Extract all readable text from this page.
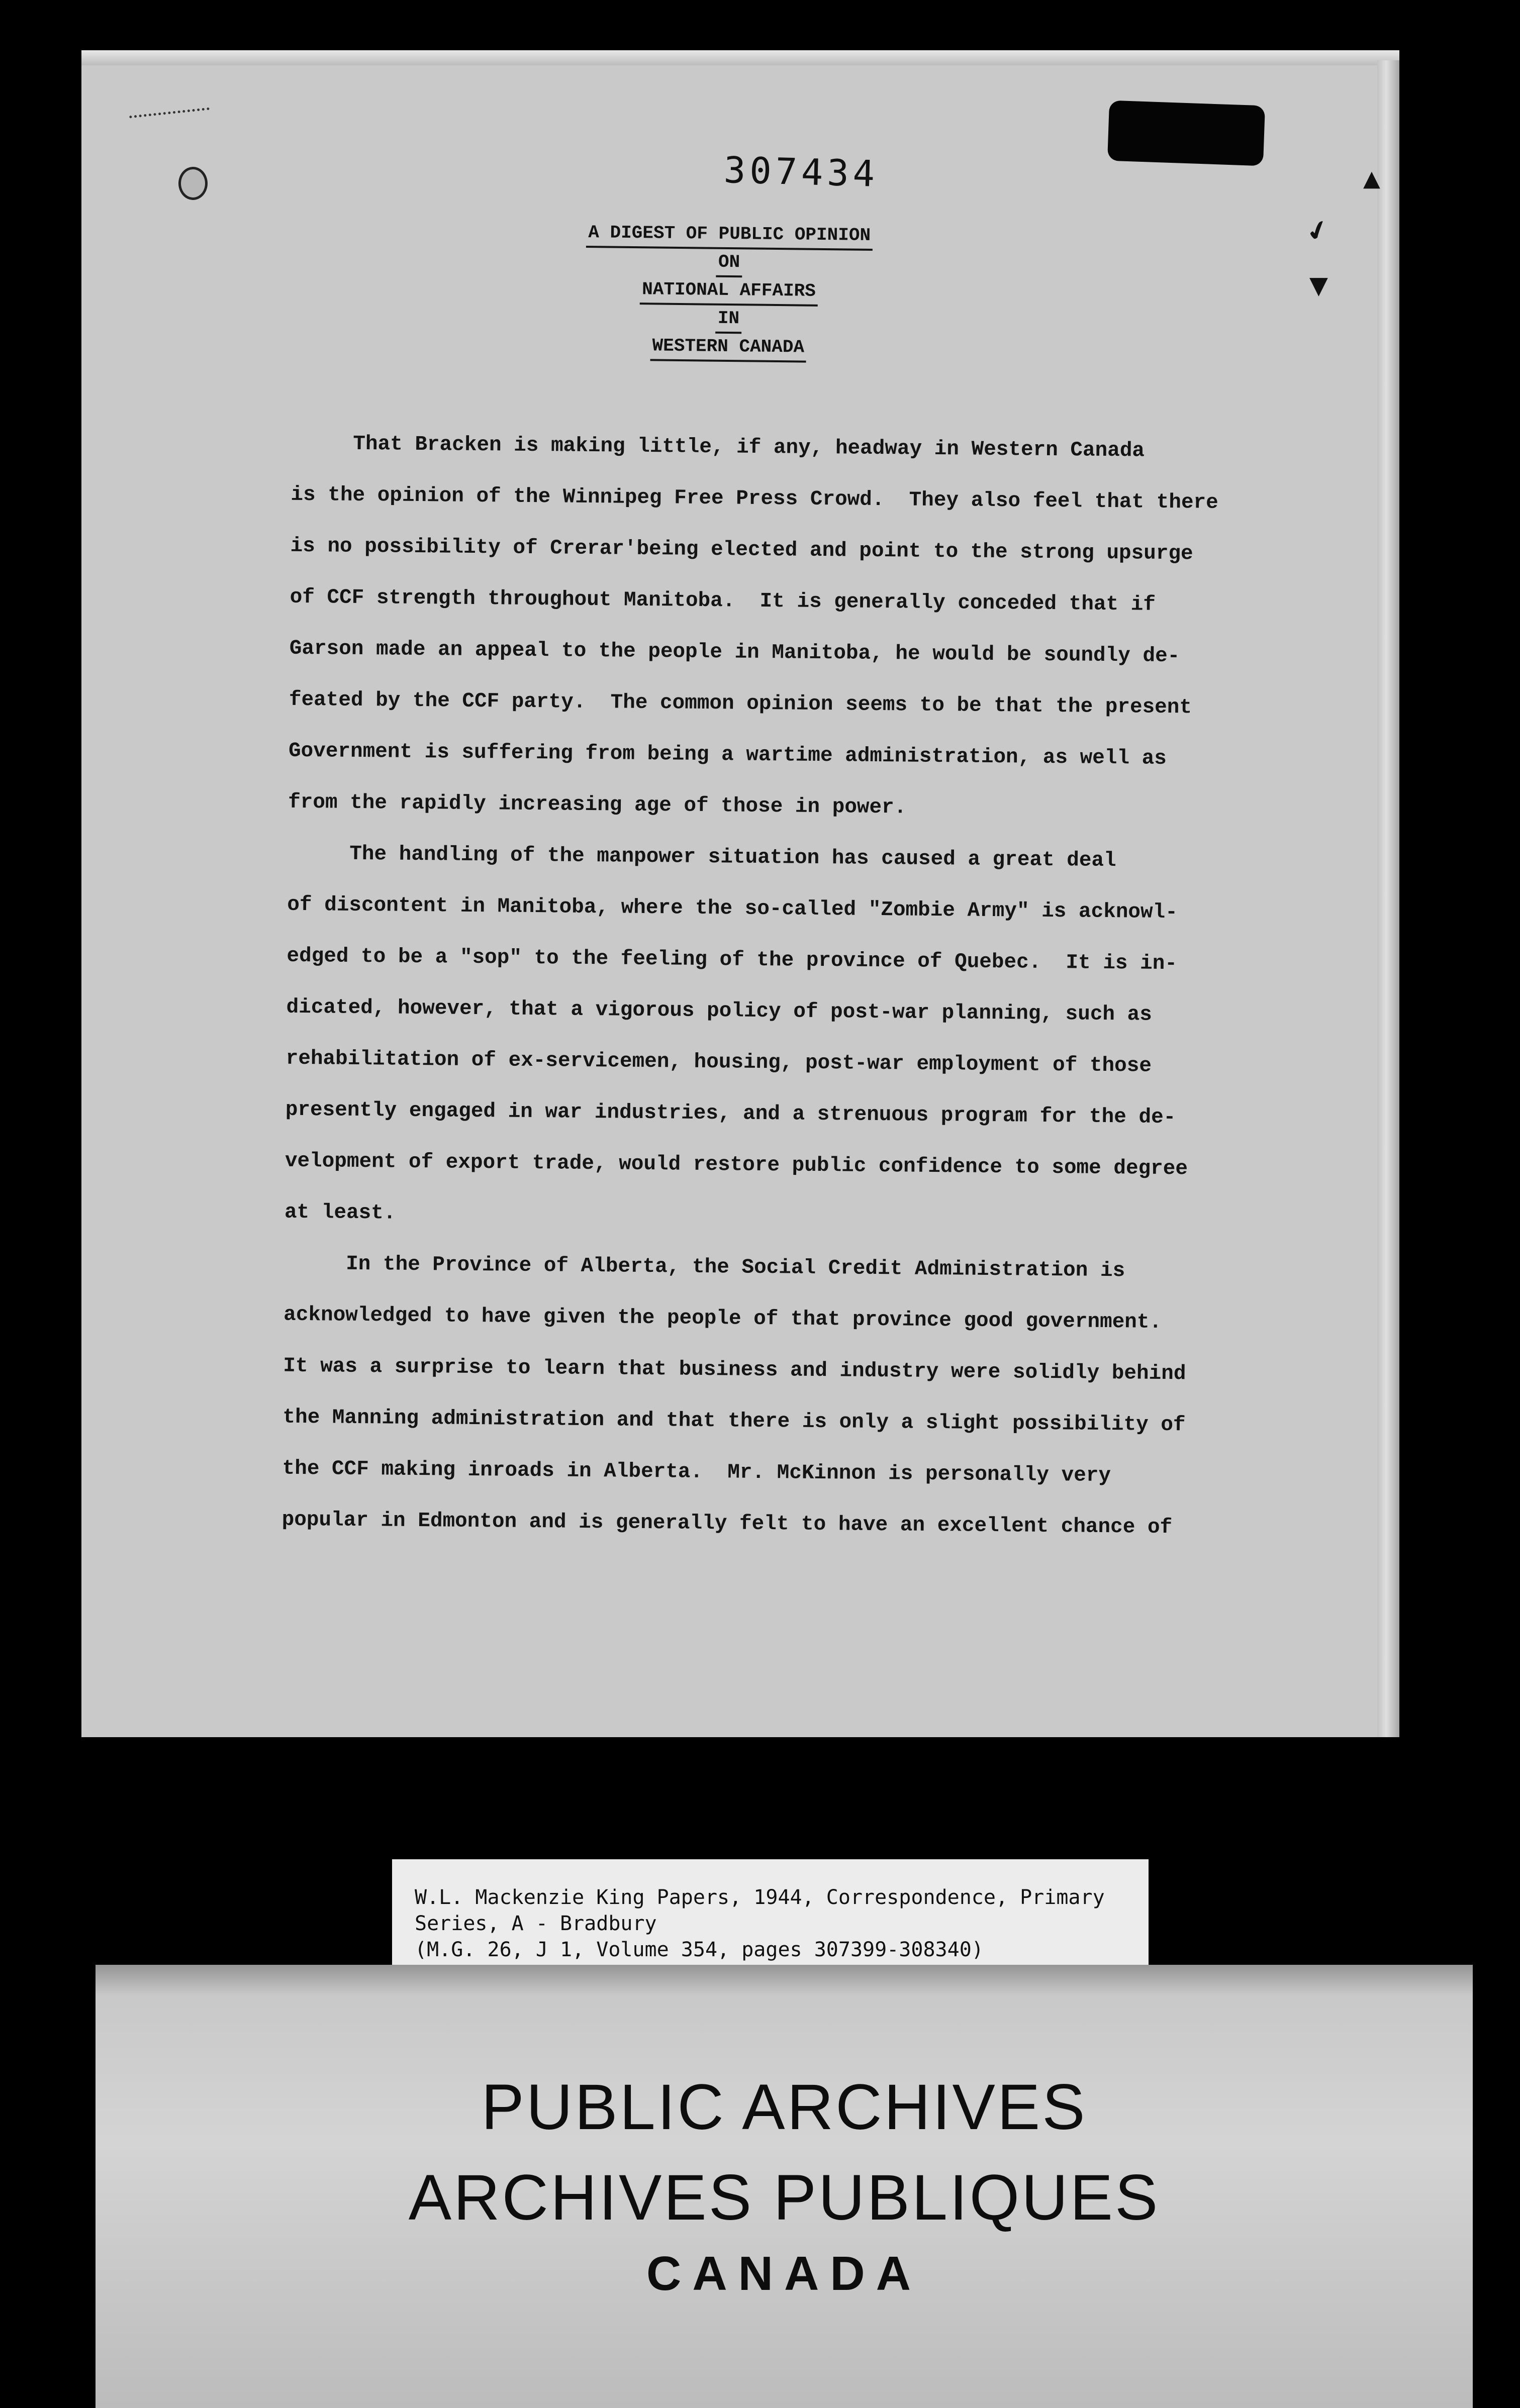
✔
▼
▲
307434
A DIGEST OF PUBLIC OPINION
ON
NATIONAL AFFAIRS
IN
WESTERN CANADA
That Bracken is making little, if any, headway in Western Canada
is the opinion of the Winnipeg Free Press Crowd.  They also feel that there
is no possibility of Crerar'being elected and point to the strong upsurge
of CCF strength throughout Manitoba.  It is generally conceded that if
Garson made an appeal to the people in Manitoba, he would be soundly de-
feated by the CCF party.  The common opinion seems to be that the present
Government is suffering from being a wartime administration, as well as
from the rapidly increasing age of those in power.
The handling of the manpower situation has caused a great deal
of discontent in Manitoba, where the so-called "Zombie Army" is acknowl-
edged to be a "sop" to the feeling of the province of Quebec.  It is in-
dicated, however, that a vigorous policy of post-war planning, such as
rehabilitation of ex-servicemen, housing, post-war employment of those
presently engaged in war industries, and a strenuous program for the de-
velopment of export trade, would restore public confidence to some degree
at least.
In the Province of Alberta, the Social Credit Administration is
acknowledged to have given the people of that province good government.
It was a surprise to learn that business and industry were solidly behind
the Manning administration and that there is only a slight possibility of
the CCF making inroads in Alberta.  Mr. McKinnon is personally very
popular in Edmonton and is generally felt to have an excellent chance of
W.L. Mackenzie King Papers, 1944, Correspondence, Primary
Series, A - Bradbury
(M.G. 26, J 1, Volume 354, pages 307399-308340)
PUBLIC ARCHIVES
ARCHIVES PUBLIQUES
CANADA
